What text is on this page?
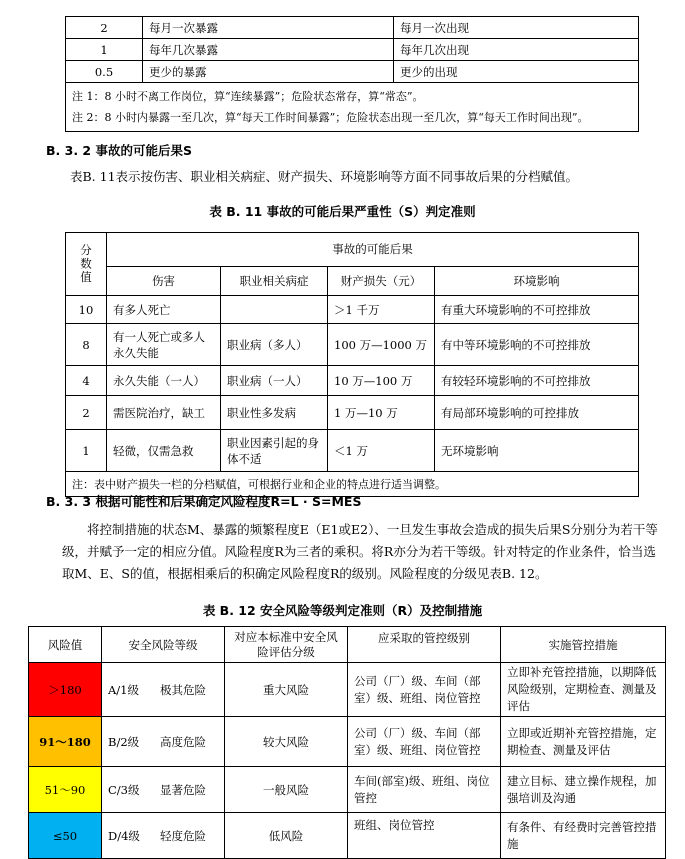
2	每月一次暴露	每月一次出现
1	每年几次暴露	每年几次出现
0.5	更少的暴露	更少的出现

注 1：8 小时不离工作岗位，算“连续暴露”；危险状态常存，算“常态”。
注 2：8 小时内暴露一至几次，算“每天工作时间暴露”；危险状态出现一至几次，算“每天工作时间出现”。		
B. 3. 2 事故的可能后果S
表B. 11表示按伤害、职业相关病症、财产损失、环境影响等方面不同事故后果的分档赋值。
表 B. 11 事故的可能后果严重性（S）判定准则
分数值	事故的可能后果			
	伤害	职业相关病症	财产损失（元）	环境影响
10	有多人死亡		＞1 千万	有重大环境影响的不可控排放
8	有一人死亡或多人永久失能	职业病（多人）	100 万—1000 万	有中等环境影响的不可控排放
4	永久失能（一人）	职业病（一人）	10 万—100 万	有较轻环境影响的不可控排放
2	需医院治疗，缺工	职业性多发病	1 万—10 万	有局部环境影响的可控排放
1	轻微，仅需急救	职业因素引起的身体不适	＜1 万	无环境影响
注：表中财产损失一栏的分档赋值，可根据行业和企业的特点进行适当调整。				
B. 3. 3 根据可能性和后果确定风险程度R=L · S=MES
将控制措施的状态M、暴露的频繁程度E（E1或E2）、一旦发生事故会造成的损失后果S分别分为若干等级，并赋予一定的相应分值。风险程度R为三者的乘积。将R亦分为若干等级。针对特定的作业条件，恰当选取M、E、S的值，根据相乘后的积确定风险程度R的级别。风险程度的分级见表B. 12。
表 B. 12 安全风险等级判定准则（R）及控制措施
风险值	安全风险等级	对应本标准中安全风险评估分级	应采取的管控级别	实施管控措施
＞180	A/1级 极其危险	重大风险	公司（厂）级、车间（部室）级、班组、岗位管控	立即补充管控措施，以期降低风险级别，定期检查、测量及评估
91～180	B/2级 高度危险	较大风险	公司（厂）级、车间（部室）级、班组、岗位管控	立即或近期补充管控措施，定期检查、测量及评估
51～90	C/3级 显著危险	一般风险	车间(部室)级、班组、岗位管控	建立目标、建立操作规程，加强培训及沟通
≤50	D/4级 轻度危险	低风险	班组、岗位管控	有条件、有经费时完善管控措施
